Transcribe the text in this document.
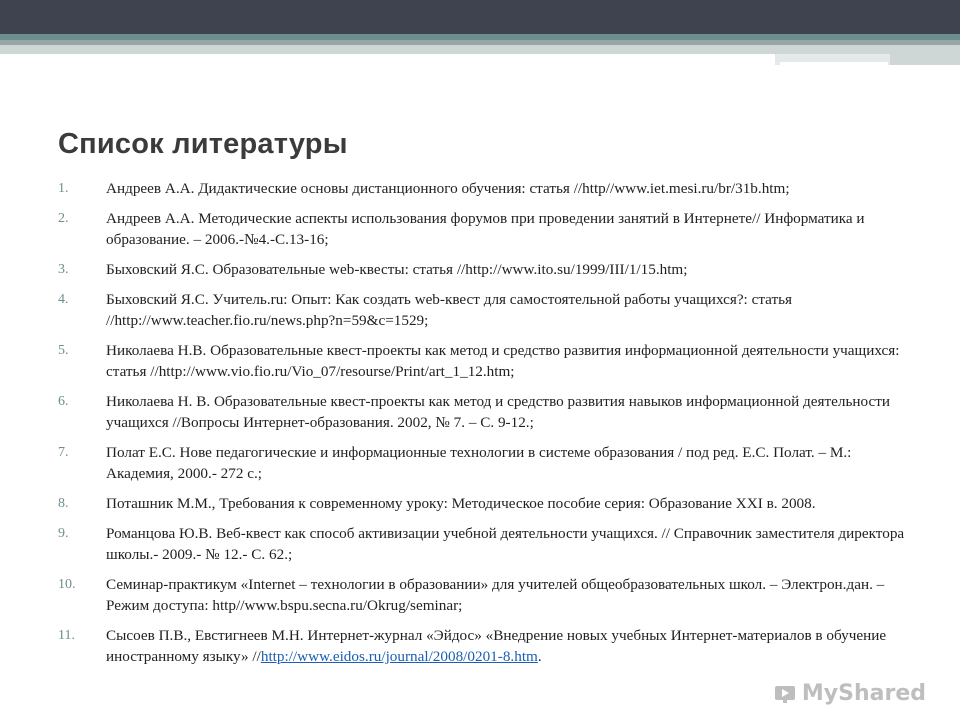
Список литературы
1.	Андреев А.А. Дидактические основы дистанционного обучения: статья //http//www.iet.mesi.ru/br/31b.htm;
2.	Андреев А.А. Методические аспекты использования форумов при проведении занятий в Интернете// Информатика и образование. – 2006.-№4.-С.13-16;
3.	Быховский Я.С. Образовательные web-квесты: статья //http://www.ito.su/1999/III/1/15.htm;
4.	Быховский Я.С. Учитель.ru: Опыт: Как создать web-квест для самостоятельной работы учащихся?: статья //http://www.teacher.fio.ru/news.php?n=59&c=1529;
5.	Николаева Н.В. Образовательные квест-проекты как метод и средство развития информационной деятельности учащихся: статья //http://www.vio.fio.ru/Vio_07/resourse/Print/art_1_12.htm;
6.	Николаева Н. В. Образовательные квест-проекты как метод и средство развития навыков информационной деятельности учащихся //Вопросы Интернет-образования. 2002, № 7. – С. 9-12.;
7.	Полат Е.С. Нове педагогические и информационные технологии в системе образования / под ред. Е.С. Полат. – М.: Академия, 2000.- 272 с.;
8.	Поташник М.М., Требования к современному уроку: Методическое пособие серия: Образование XXI в. 2008.
9.	Романцова Ю.В. Веб-квест как способ активизации учебной деятельности учащихся. // Справочник заместителя директора школы.- 2009.- № 12.- С. 62.;
10.	Семинар-практикум «Internet – технологии в образовании» для учителей общеобразовательных школ. – Электрон.дан. – Режим доступа: http//www.bspu.secna.ru/Okrug/seminar;
11.	Сысоев П.В., Евстигнеев М.Н. Интернет-журнал «Эйдос» «Внедрение новых учебных Интернет-материалов в обучение иностранному языку» //http://www.eidos.ru/journal/2008/0201-8.htm.
MyShared
